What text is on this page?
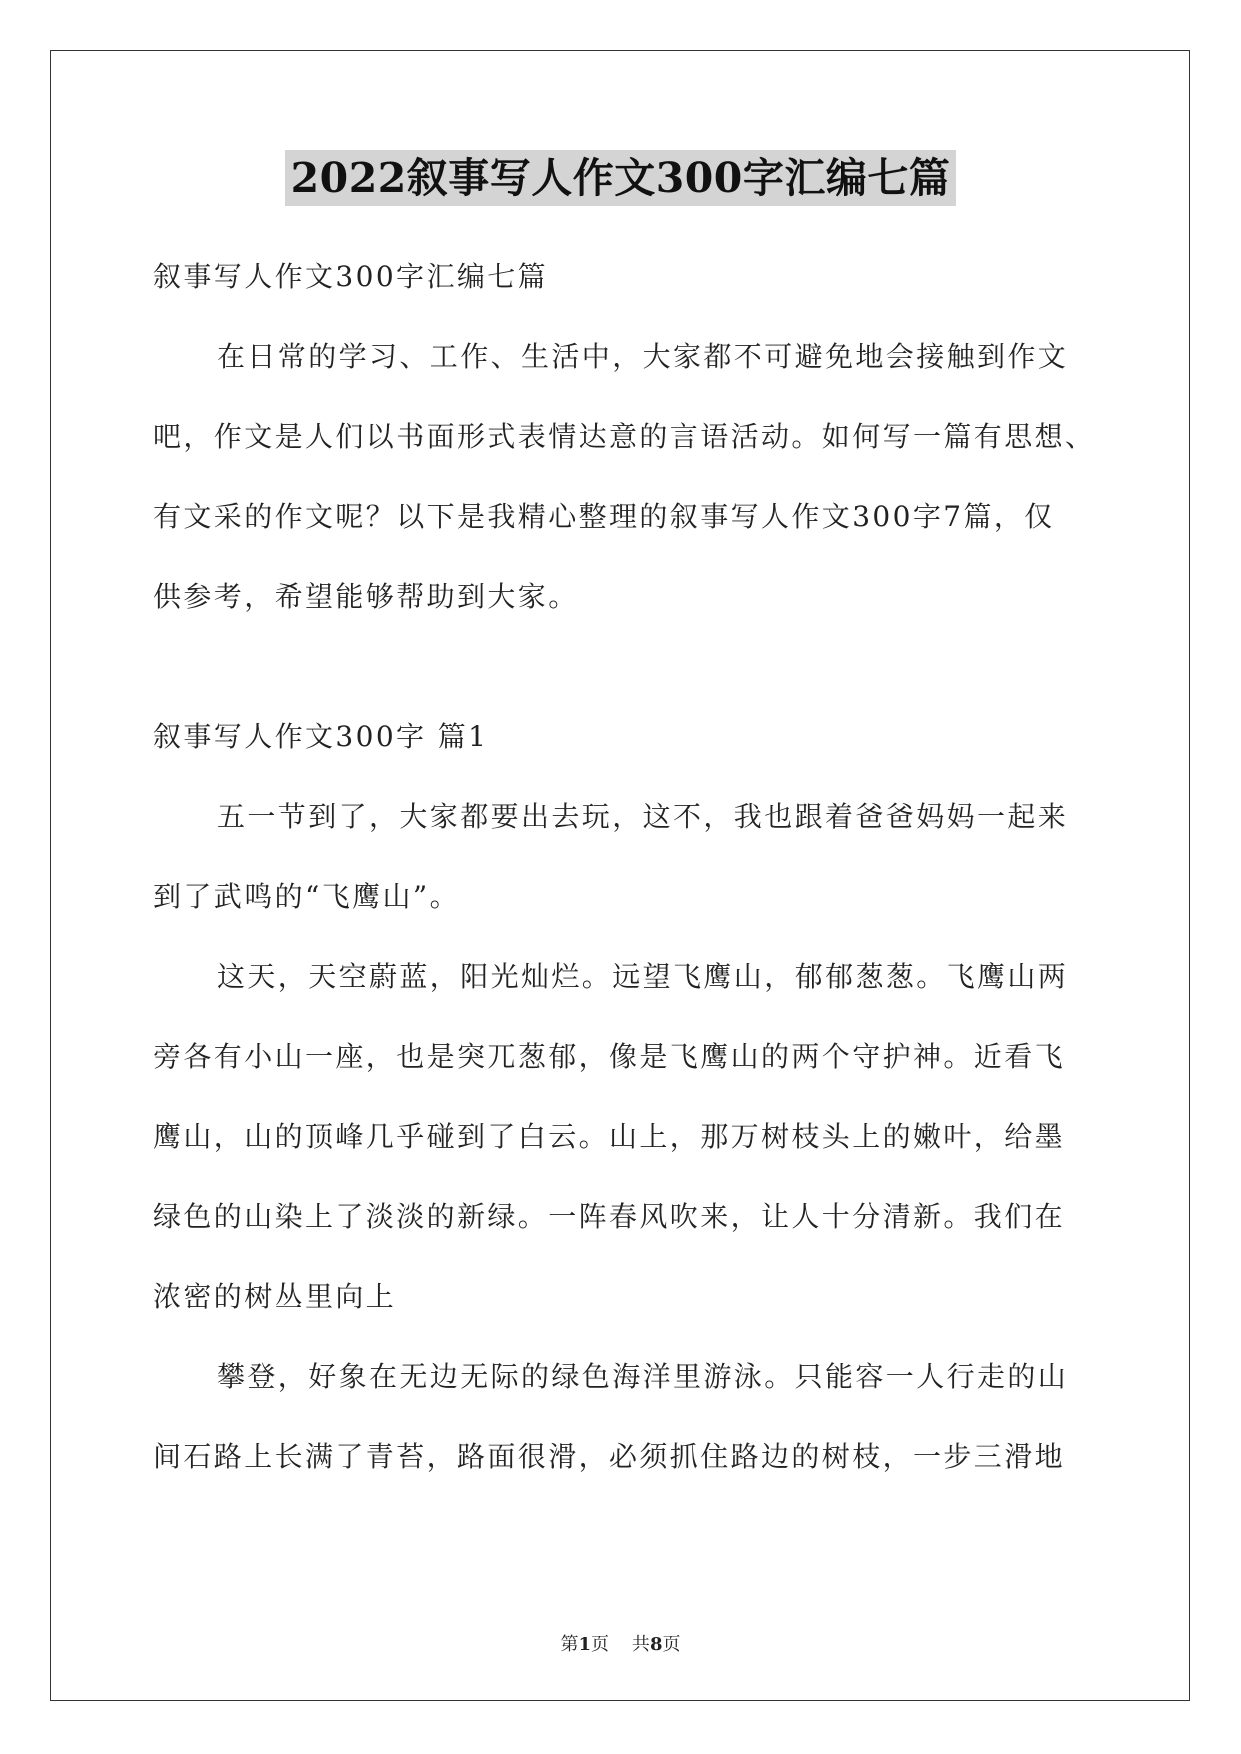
2022叙事写人作文300字汇编七篇
叙事写人作文300字汇编七篇
在日常的学习、工作、生活中，大家都不可避免地会接触到作文
吧，作文是人们以书面形式表情达意的言语活动。如何写一篇有思想、
有文采的作文呢？以下是我精心整理的叙事写人作文300字7篇，仅
供参考，希望能够帮助到大家。
叙事写人作文300字 篇1
五一节到了，大家都要出去玩，这不，我也跟着爸爸妈妈一起来
到了武鸣的“飞鹰山”。
这天，天空蔚蓝，阳光灿烂。远望飞鹰山，郁郁葱葱。飞鹰山两
旁各有小山一座，也是突兀葱郁，像是飞鹰山的两个守护神。近看飞
鹰山，山的顶峰几乎碰到了白云。山上，那万树枝头上的嫩叶，给墨
绿色的山染上了淡淡的新绿。一阵春风吹来，让人十分清新。我们在
浓密的树丛里向上
攀登，好象在无边无际的绿色海洋里游泳。只能容一人行走的山
间石路上长满了青苔，路面很滑，必须抓住路边的树枝，一步三滑地
第1页    共8页
